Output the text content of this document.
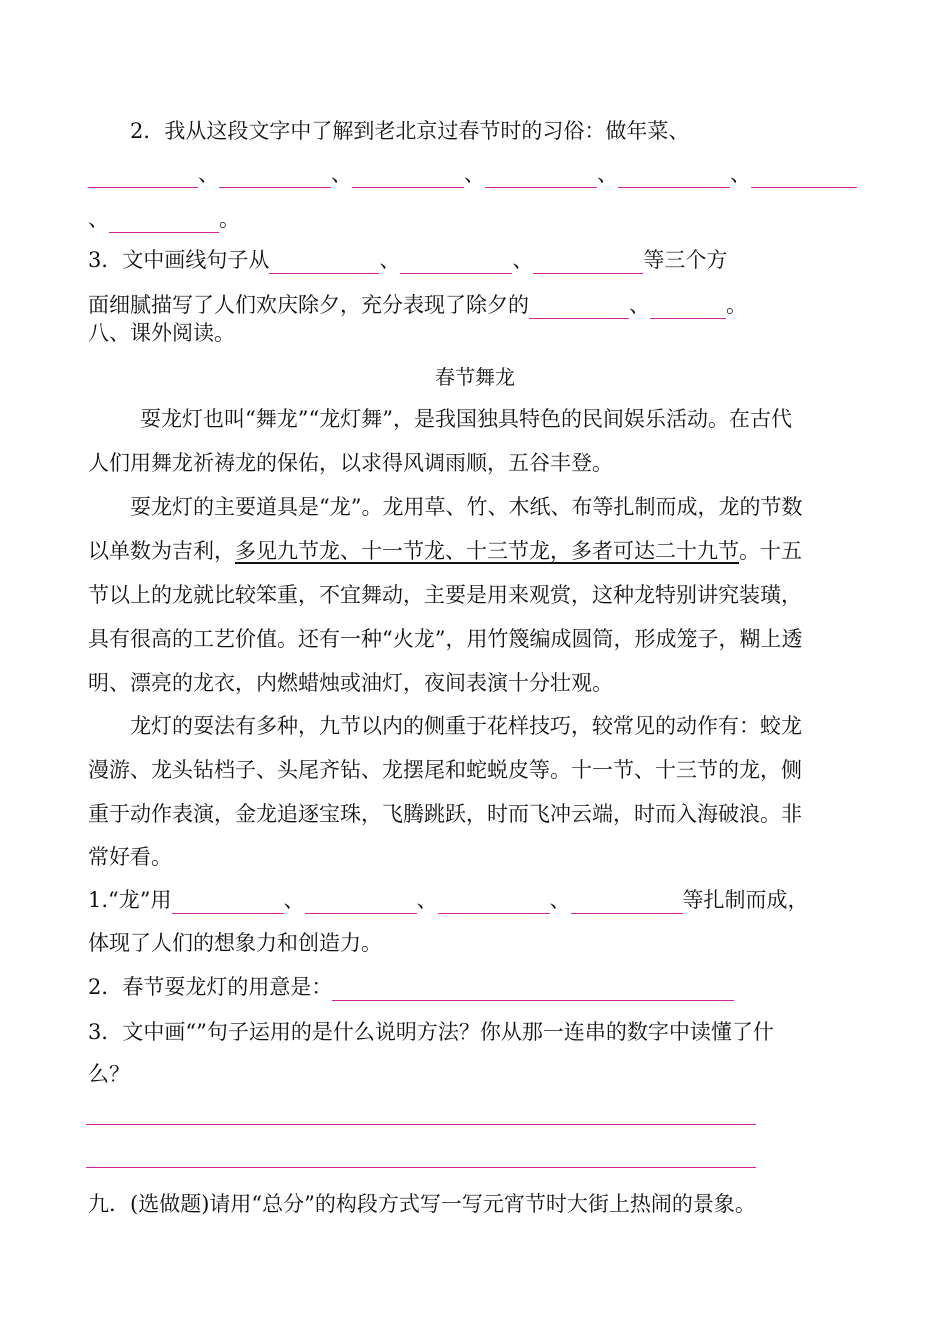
2．我从这段文字中了解到老北京过春节时的习俗：做年菜、
、	、	、	、	、
、	。
3．文中画线句子从	、	、	等三个方
面细腻描写了人们欢庆除夕，充分表现了除夕的	、	。
八、课外阅读。
春节舞龙
耍龙灯也叫“舞龙”“龙灯舞”，是我国独具特色的民间娱乐活动。在古代
人们用舞龙祈祷龙的保佑，以求得风调雨顺，五谷丰登。
耍龙灯的主要道具是“龙”。龙用草、竹、木纸、布等扎制而成，龙的节数
以单数为吉利，多见九节龙、十一节龙、十三节龙，多者可达二十九节。十五
节以上的龙就比较笨重，不宜舞动，主要是用来观赏，这种龙特别讲究装璜，
具有很高的工艺价值。还有一种“火龙”，用竹篾编成圆筒，形成笼子，糊上透
明、漂亮的龙衣，内燃蜡烛或油灯，夜间表演十分壮观。
龙灯的耍法有多种，九节以内的侧重于花样技巧，较常见的动作有：蛟龙
漫游、龙头钻档子、头尾齐钻、龙摆尾和蛇蜕皮等。十一节、十三节的龙，侧
重于动作表演，金龙追逐宝珠，飞腾跳跃，时而飞冲云端，时而入海破浪。非
常好看。
1.“龙”用	、	、	、	等扎制而成，
体现了人们的想象力和创造力。
2．春节耍龙灯的用意是：
3．文中画“”句子运用的是什么说明方法？你从那一连串的数字中读懂了什
么？
九．(选做题)请用“总分”的构段方式写一写元宵节时大街上热闹的景象。
